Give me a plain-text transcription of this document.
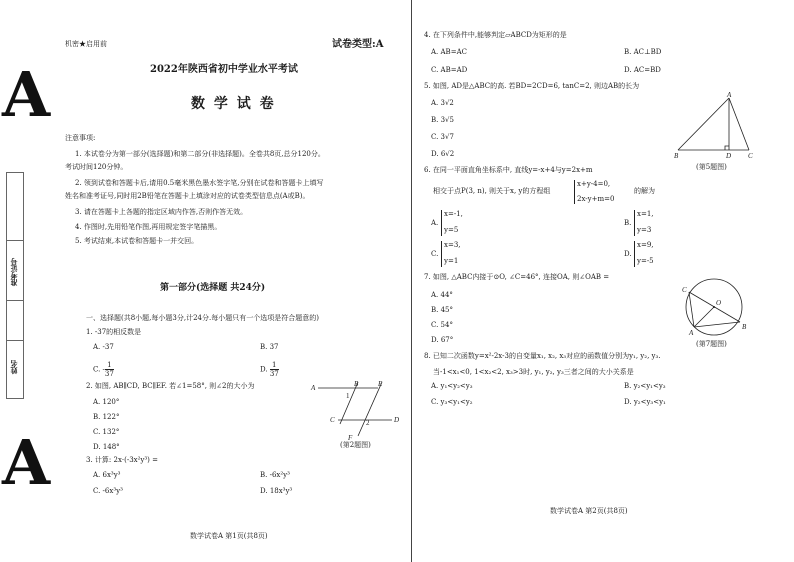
机密★启用前	试卷类型:A
A
A
准考证号
姓名
2022年陕西省初中学业水平考试
数 学 试 卷
注意事项:
1. 本试卷分为第一部分(选择题)和第二部分(非选择题)。全卷共8页,总分120分。
考试时间120分钟。
2. 领到试卷和答题卡后,请用0.5毫米黑色墨水签字笔,分别在试卷和答题卡上填写
姓名和准考证号,同时用2B铅笔在答题卡上填涂对应的试卷类型信息点(A或B)。
3. 请在答题卡上各题的指定区域内作答,否则作答无效。
4. 作图时,先用铅笔作图,再用规定签字笔描黑。
5. 考试结束,本试卷和答题卡一并交回。
第一部分(选择题 共24分)
一、选择题(共8小题,每小题3分,计24分.每小题只有一个选项是符合题意的)
1. -37的相反数是
A. -37	B. 37
C. - $\frac{1}{37}$	D. $\frac{1}{37}$
2. 如图, AB∥CD, BC∥EF. 若∠1=58°, 则∠2的大小为
A. 120°
B. 122°
C. 132°
D. 148°
A	B	E
1
C	2	D
F
(第2题图)
3. 计算: 2x·(-3x²y³) =
A. 6x³y³	B. -6x²y³
C. -6x³y³	D. 18x³y³
数学试卷A 第1页(共8页)
4. 在下列条件中,能够判定▱ABCD为矩形的是
A. AB=AC	B. AC⊥BD
C. AB=AD	D. AC=BD
5. 如图, AD是△ABC的高. 若BD=2CD=6, tanC=2, 则边AB的长为
A. 3√2
B. 3√5
C. 3√7
D. 6√2
A
B	D C
(第5题图)
6. 在同一平面直角坐标系中, 直线y=-x+4与y=2x+m
相交于点P(3, n), 则关于x, y的方程组
x+y-4=0,
2x-y+m=0
的解为
A.
x=-1,
y=5
B.
x=1,
y=3
C.
x=3,
y=1
D.
x=9,
y=-5
7. 如图, △ABC内接于⊙O, ∠C=46°, 连接OA, 则∠OAB =
A. 44°
B. 45°
C. 54°
D. 67°
C
O
A
B
(第7题图)
8. 已知二次函数y=x²-2x-3的自变量x₁, x₂, x₃对应的函数值分别为y₁, y₂, y₃.
当-1<x₁<0, 1<x₂<2, x₃>3时, y₁, y₂, y₃三者之间的大小关系是
A. y₁<y₂<y₃	B. y₂<y₁<y₃
C. y₃<y₁<y₂	D. y₂<y₃<y₁
数学试卷A 第2页(共8页)
